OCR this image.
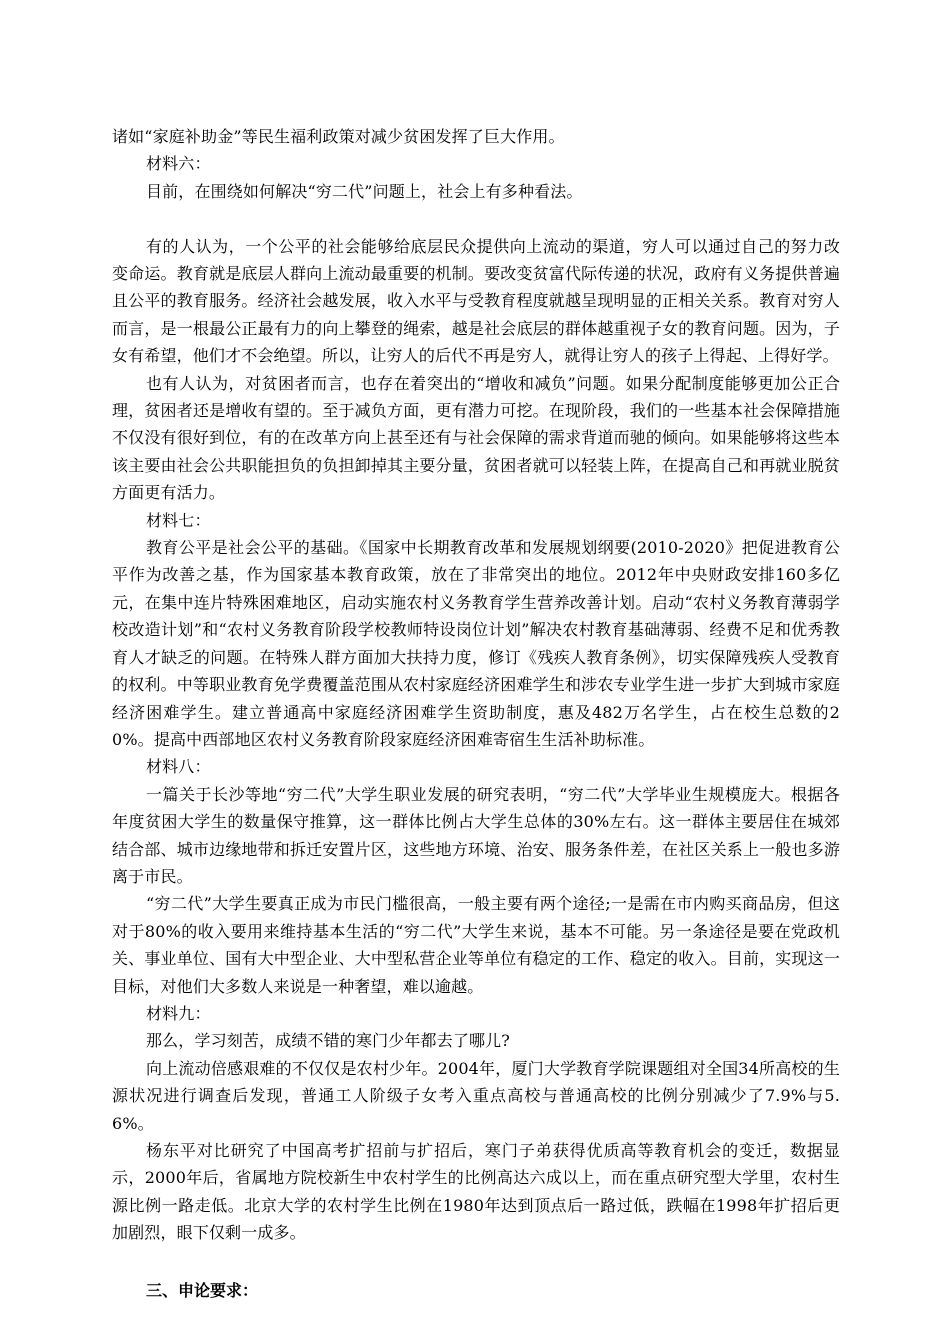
诸如“家庭补助金”等民生福利政策对减少贫困发挥了巨大作用。

材料六：

目前，在围绕如何解决“穷二代”问题上，社会上有多种看法。

有的人认为，一个公平的社会能够给底层民众提供向上流动的渠道，穷人可以通过自己的努力改变命运。教育就是底层人群向上流动最重要的机制。要改变贫富代际传递的状况，政府有义务提供普遍且公平的教育服务。经济社会越发展，收入水平与受教育程度就越呈现明显的正相关关系。教育对穷人而言，是一根最公正最有力的向上攀登的绳索，越是社会底层的群体越重视子女的教育问题。因为，子女有希望，他们才不会绝望。所以，让穷人的后代不再是穷人，就得让穷人的孩子上得起、上得好学。

也有人认为，对贫困者而言，也存在着突出的“增收和减负”问题。如果分配制度能够更加公正合理，贫困者还是增收有望的。至于减负方面，更有潜力可挖。在现阶段，我们的一些基本社会保障措施不仅没有很好到位，有的在改革方向上甚至还有与社会保障的需求背道而驰的倾向。如果能够将这些本该主要由社会公共职能担负的负担卸掉其主要分量，贫困者就可以轻装上阵，在提高自己和再就业脱贫方面更有活力。

材料七：

教育公平是社会公平的基础。《国家中长期教育改革和发展规划纲要(2010-2020》把促进教育公平作为改善之基，作为国家基本教育政策，放在了非常突出的地位。2012年中央财政安排160多亿元，在集中连片特殊困难地区，启动实施农村义务教育学生营养改善计划。启动“农村义务教育薄弱学校改造计划”和“农村义务教育阶段学校教师特设岗位计划”解决农村教育基础薄弱、经费不足和优秀教育人才缺乏的问题。在特殊人群方面加大扶持力度，修订《残疾人教育条例》，切实保障残疾人受教育的权利。中等职业教育免学费覆盖范围从农村家庭经济困难学生和涉农专业学生进一步扩大到城市家庭经济困难学生。建立普通高中家庭经济困难学生资助制度，惠及482万名学生，占在校生总数的20%。提高中西部地区农村义务教育阶段家庭经济困难寄宿生生活补助标准。

材料八：

一篇关于长沙等地“穷二代”大学生职业发展的研究表明，“穷二代”大学毕业生规模庞大。根据各年度贫困大学生的数量保守推算，这一群体比例占大学生总体的30%左右。这一群体主要居住在城郊结合部、城市边缘地带和拆迁安置片区，这些地方环境、治安、服务条件差，在社区关系上一般也多游离于市民。

“穷二代”大学生要真正成为市民门槛很高，一般主要有两个途径;一是需在市内购买商品房，但这对于80%的收入要用来维持基本生活的“穷二代”大学生来说，基本不可能。另一条途径是要在党政机关、事业单位、国有大中型企业、大中型私营企业等单位有稳定的工作、稳定的收入。目前，实现这一目标，对他们大多数人来说是一种奢望，难以逾越。

材料九：

那么，学习刻苦，成绩不错的寒门少年都去了哪儿?

向上流动倍感艰难的不仅仅是农村少年。2004年，厦门大学教育学院课题组对全国34所高校的生源状况进行调查后发现，普通工人阶级子女考入重点高校与普通高校的比例分别减少了7.9%与5.6%。

杨东平对比研究了中国高考扩招前与扩招后，寒门子弟获得优质高等教育机会的变迁，数据显示，2000年后，省属地方院校新生中农村学生的比例高达六成以上，而在重点研究型大学里，农村生源比例一路走低。北京大学的农村学生比例在1980年达到顶点后一路过低，跌幅在1998年扩招后更加剧烈，眼下仅剩一成多。

三、申论要求：
